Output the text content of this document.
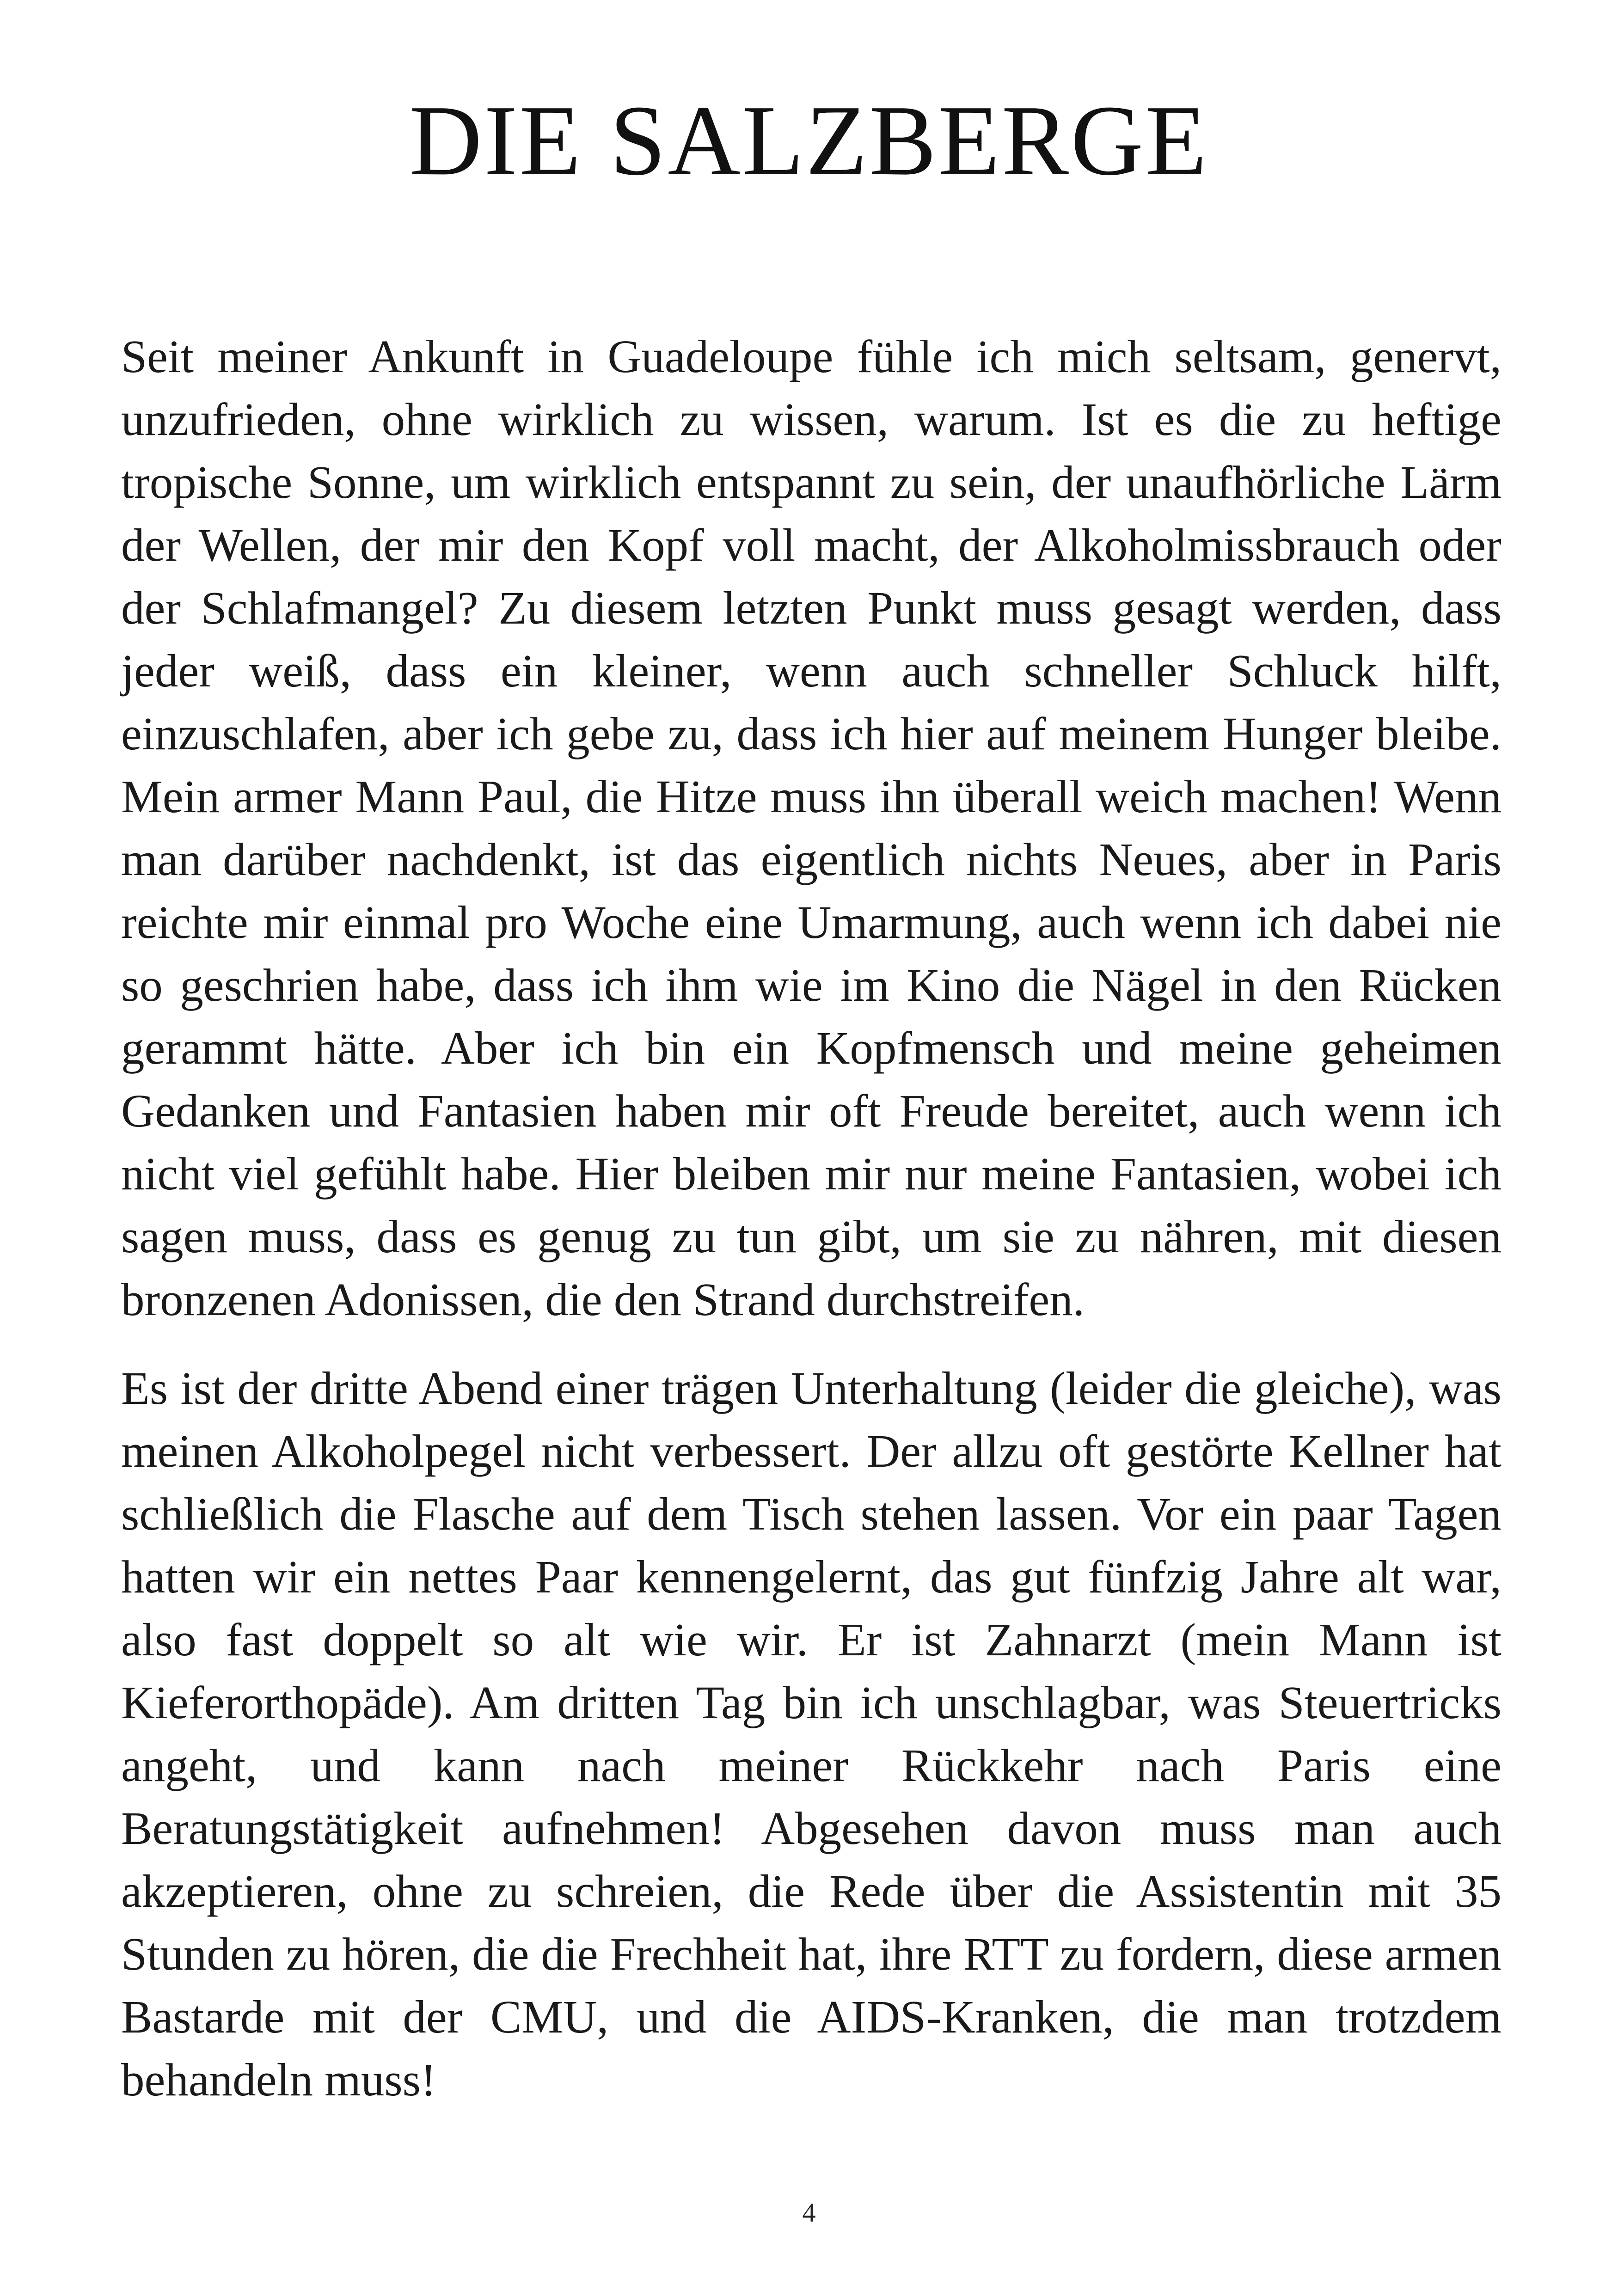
DIE SALZBERGE

Seit meiner Ankunft in Guadeloupe fühle ich mich seltsam, genervt, unzufrieden, ohne wirklich zu wissen, warum. Ist es die zu heftige tropische Sonne, um wirklich entspannt zu sein, der unaufhörliche Lärm der Wellen, der mir den Kopf voll macht, der Alkoholmissbrauch oder der Schlafmangel? Zu diesem letzten Punkt muss gesagt werden, dass jeder weiß, dass ein kleiner, wenn auch schneller Schluck hilft, einzuschlafen, aber ich gebe zu, dass ich hier auf meinem Hunger bleibe. Mein armer Mann Paul, die Hitze muss ihn überall weich machen! Wenn man darüber nachdenkt, ist das eigentlich nichts Neues, aber in Paris reichte mir einmal pro Woche eine Umarmung, auch wenn ich dabei nie so geschrien habe, dass ich ihm wie im Kino die Nägel in den Rücken gerammt hätte. Aber ich bin ein Kopfmensch und meine geheimen Gedanken und Fantasien haben mir oft Freude bereitet, auch wenn ich nicht viel gefühlt habe. Hier bleiben mir nur meine Fantasien, wobei ich sagen muss, dass es genug zu tun gibt, um sie zu nähren, mit diesen bronzenen Adonissen, die den Strand durchstreifen.

Es ist der dritte Abend einer trägen Unterhaltung (leider die gleiche), was meinen Alkoholpegel nicht verbessert. Der allzu oft gestörte Kellner hat schließlich die Flasche auf dem Tisch stehen lassen. Vor ein paar Tagen hatten wir ein nettes Paar kennengelernt, das gut fünfzig Jahre alt war, also fast doppelt so alt wie wir. Er ist Zahnarzt (mein Mann ist Kieferorthopäde). Am dritten Tag bin ich unschlagbar, was Steuertricks angeht, und kann nach meiner Rückkehr nach Paris eine Beratungstätigkeit aufnehmen! Abgesehen davon muss man auch akzeptieren, ohne zu schreien, die Rede über die Assistentin mit 35 Stunden zu hören, die die Frechheit hat, ihre RTT zu fordern, diese armen Bastarde mit der CMU, und die AIDS-Kranken, die man trotzdem behandeln muss!

4
